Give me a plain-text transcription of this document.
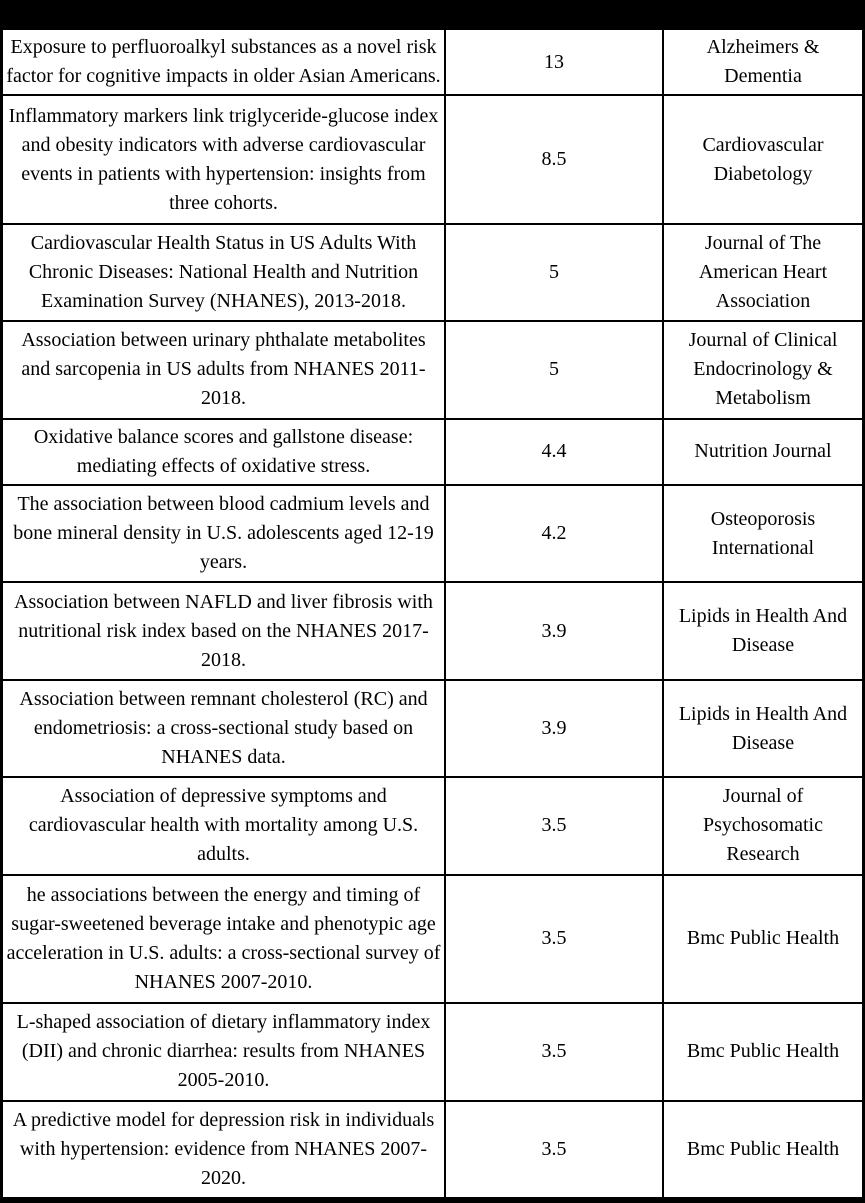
Exposure to perfluoroalkyl substances as a novel risk factor for cognitive impacts in older Asian Americans.	13	Alzheimers & Dementia
Inflammatory markers link triglyceride-glucose index and obesity indicators with adverse cardiovascular events in patients with hypertension: insights from three cohorts.	8.5	Cardiovascular Diabetology
Cardiovascular Health Status in US Adults With Chronic Diseases: National Health and Nutrition Examination Survey (NHANES), 2013-2018.	5	Journal of The American Heart Association
Association between urinary phthalate metabolites and sarcopenia in US adults from NHANES 2011-2018.	5	Journal of Clinical Endocrinology & Metabolism
Oxidative balance scores and gallstone disease: mediating effects of oxidative stress.	4.4	Nutrition Journal
The association between blood cadmium levels and bone mineral density in U.S. adolescents aged 12-19 years.	4.2	Osteoporosis International
Association between NAFLD and liver fibrosis with nutritional risk index based on the NHANES 2017-2018.	3.9	Lipids in Health And Disease
Association between remnant cholesterol (RC) and endometriosis: a cross-sectional study based on NHANES data.	3.9	Lipids in Health And Disease
Association of depressive symptoms and cardiovascular health with mortality among U.S. adults.	3.5	Journal of Psychosomatic Research
he associations between the energy and timing of sugar-sweetened beverage intake and phenotypic age acceleration in U.S. adults: a cross-sectional survey of NHANES 2007-2010.	3.5	Bmc Public Health
L-shaped association of dietary inflammatory index (DII) and chronic diarrhea: results from NHANES 2005-2010.	3.5	Bmc Public Health
A predictive model for depression risk in individuals with hypertension: evidence from NHANES 2007-2020.	3.5	Bmc Public Health
